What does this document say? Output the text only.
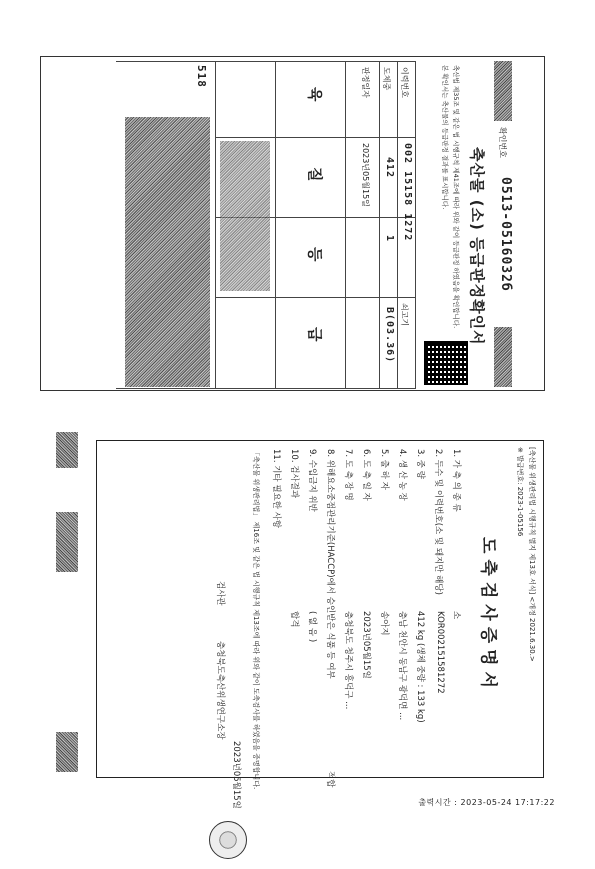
확인번호
0513-0516032б
축산물 (소) 등급판정확인서
축산법 제35조 및 같은 법 시행규칙 제41조에 따라 위와 같이 등급판정 하였음을 확인합니다.
본 확인서는 축산물의 등급판정 결과를 표시합니다.
이력번호
002 15158 1272
쇠고기
도체중
412
1
B(03.36)
판정일자
2023년05월15일
육
질
등
급
518
[축산물 위생관리법 시행규칙 별지 제13호 서식] <개정 2021.6.30.>
※ 발급번호: 2023-1-05156
도축검사증명서
1. 가 축 의 종 류
소
2. 두수 및 이력번호(소 및 돼지만 해당)
KOR002151581272
3. 중 량
412 kg (생체 중량 : 133 kg)
4. 생 산 농 장
충남 천안시 동남구 광덕면 ...
5. 출 하 자
송아지
6. 도 축 일 자
2023년05월15일
7. 도 축 장 명
충청북도 청주시 흥덕구 ...
8. 위해요소중점관리기준(HACCP)에서 승인받은 식품 등 여부
적합
9. 수입금지 위반
( 없 음 )
10. 검사결과
합격
11. 기타 필요한 사항
「축산물 위생관리법」 제16조 및 같은 법 시행규칙 제13조에 따라 위와 같이 도축검사를 하였음을 증명합니다.
2023년05월15일
충청북도축산위생연구소장
검사관
출력시간 : 2023-05-24 17:17:22
